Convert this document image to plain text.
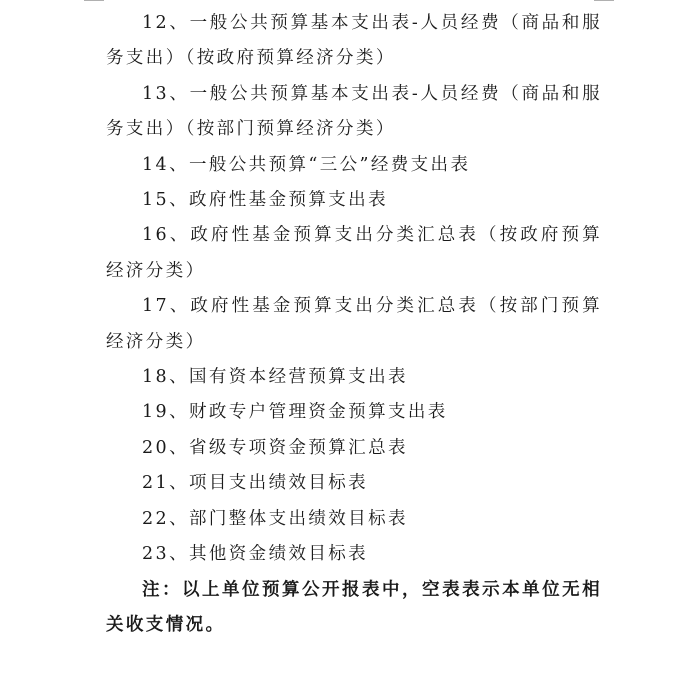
12、一般公共预算基本支出表-人员经费（商品和服务支出）（按政府预算经济分类）

13、一般公共预算基本支出表-人员经费（商品和服务支出）（按部门预算经济分类）

14、一般公共预算“三公”经费支出表

15、政府性基金预算支出表

16、政府性基金预算支出分类汇总表（按政府预算经济分类）

17、政府性基金预算支出分类汇总表（按部门预算经济分类）

18、国有资本经营预算支出表

19、财政专户管理资金预算支出表

20、省级专项资金预算汇总表

21、项目支出绩效目标表

22、部门整体支出绩效目标表

23、其他资金绩效目标表

注：以上单位预算公开报表中，空表表示本单位无相关收支情况。
